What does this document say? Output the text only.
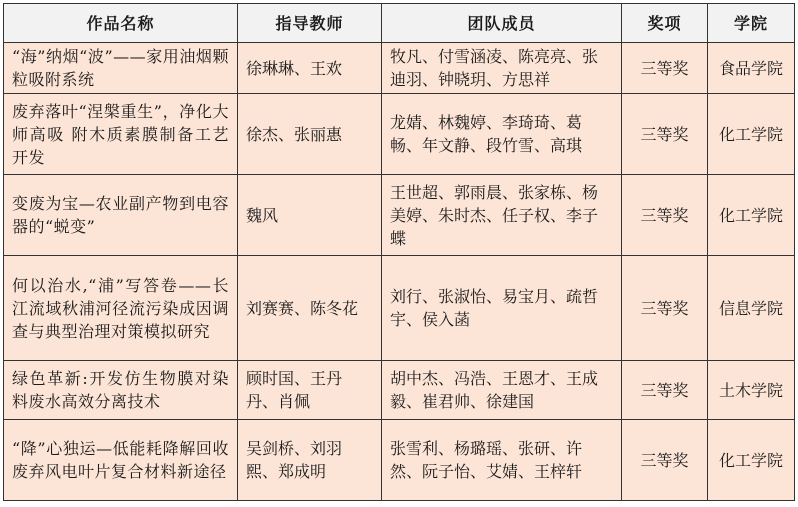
作品名称	指导教师	团队成员	奖项	学院
“海”纳烟“波”——家用油烟颗粒吸附系统	徐琳琳、王欢	牧凡、付雪涵凌、陈亮亮、张迪羽、钟晓玥、方思祥	三等奖	食品学院
废弃落叶“涅槃重生”，净化大师高吸 附木质素膜制备工艺开发	徐杰、张丽惠	龙婧、林魏婷、李琦琦、葛畅、年文静、段竹雪、高琪	三等奖	化工学院
变废为宝—农业副产物到电容器的“蜕变”	魏风	王世超、郭雨晨、张家栋、杨美婷、朱时杰、任子权、李子蝶	三等奖	化工学院
何以治水,“浦”写答卷——长江流域秋浦河径流污染成因调查与典型治理对策模拟研究	刘赛赛、陈冬花	刘行、张淑怡、易宝月、疏哲宇、侯入菡	三等奖	信息学院
绿色革新:开发仿生物膜对染料废水高效分离技术	顾时国、王丹丹、肖佩	胡中杰、冯浩、王恩才、王成毅、崔君帅、徐建国	三等奖	土木学院
“降”心独运—低能耗降解回收废弃风电叶片复合材料新途径	吴剑桥、刘羽熙、郑成明	张雪利、杨璐瑶、张研、许然、阮子怡、艾婧、王梓轩	三等奖	化工学院
